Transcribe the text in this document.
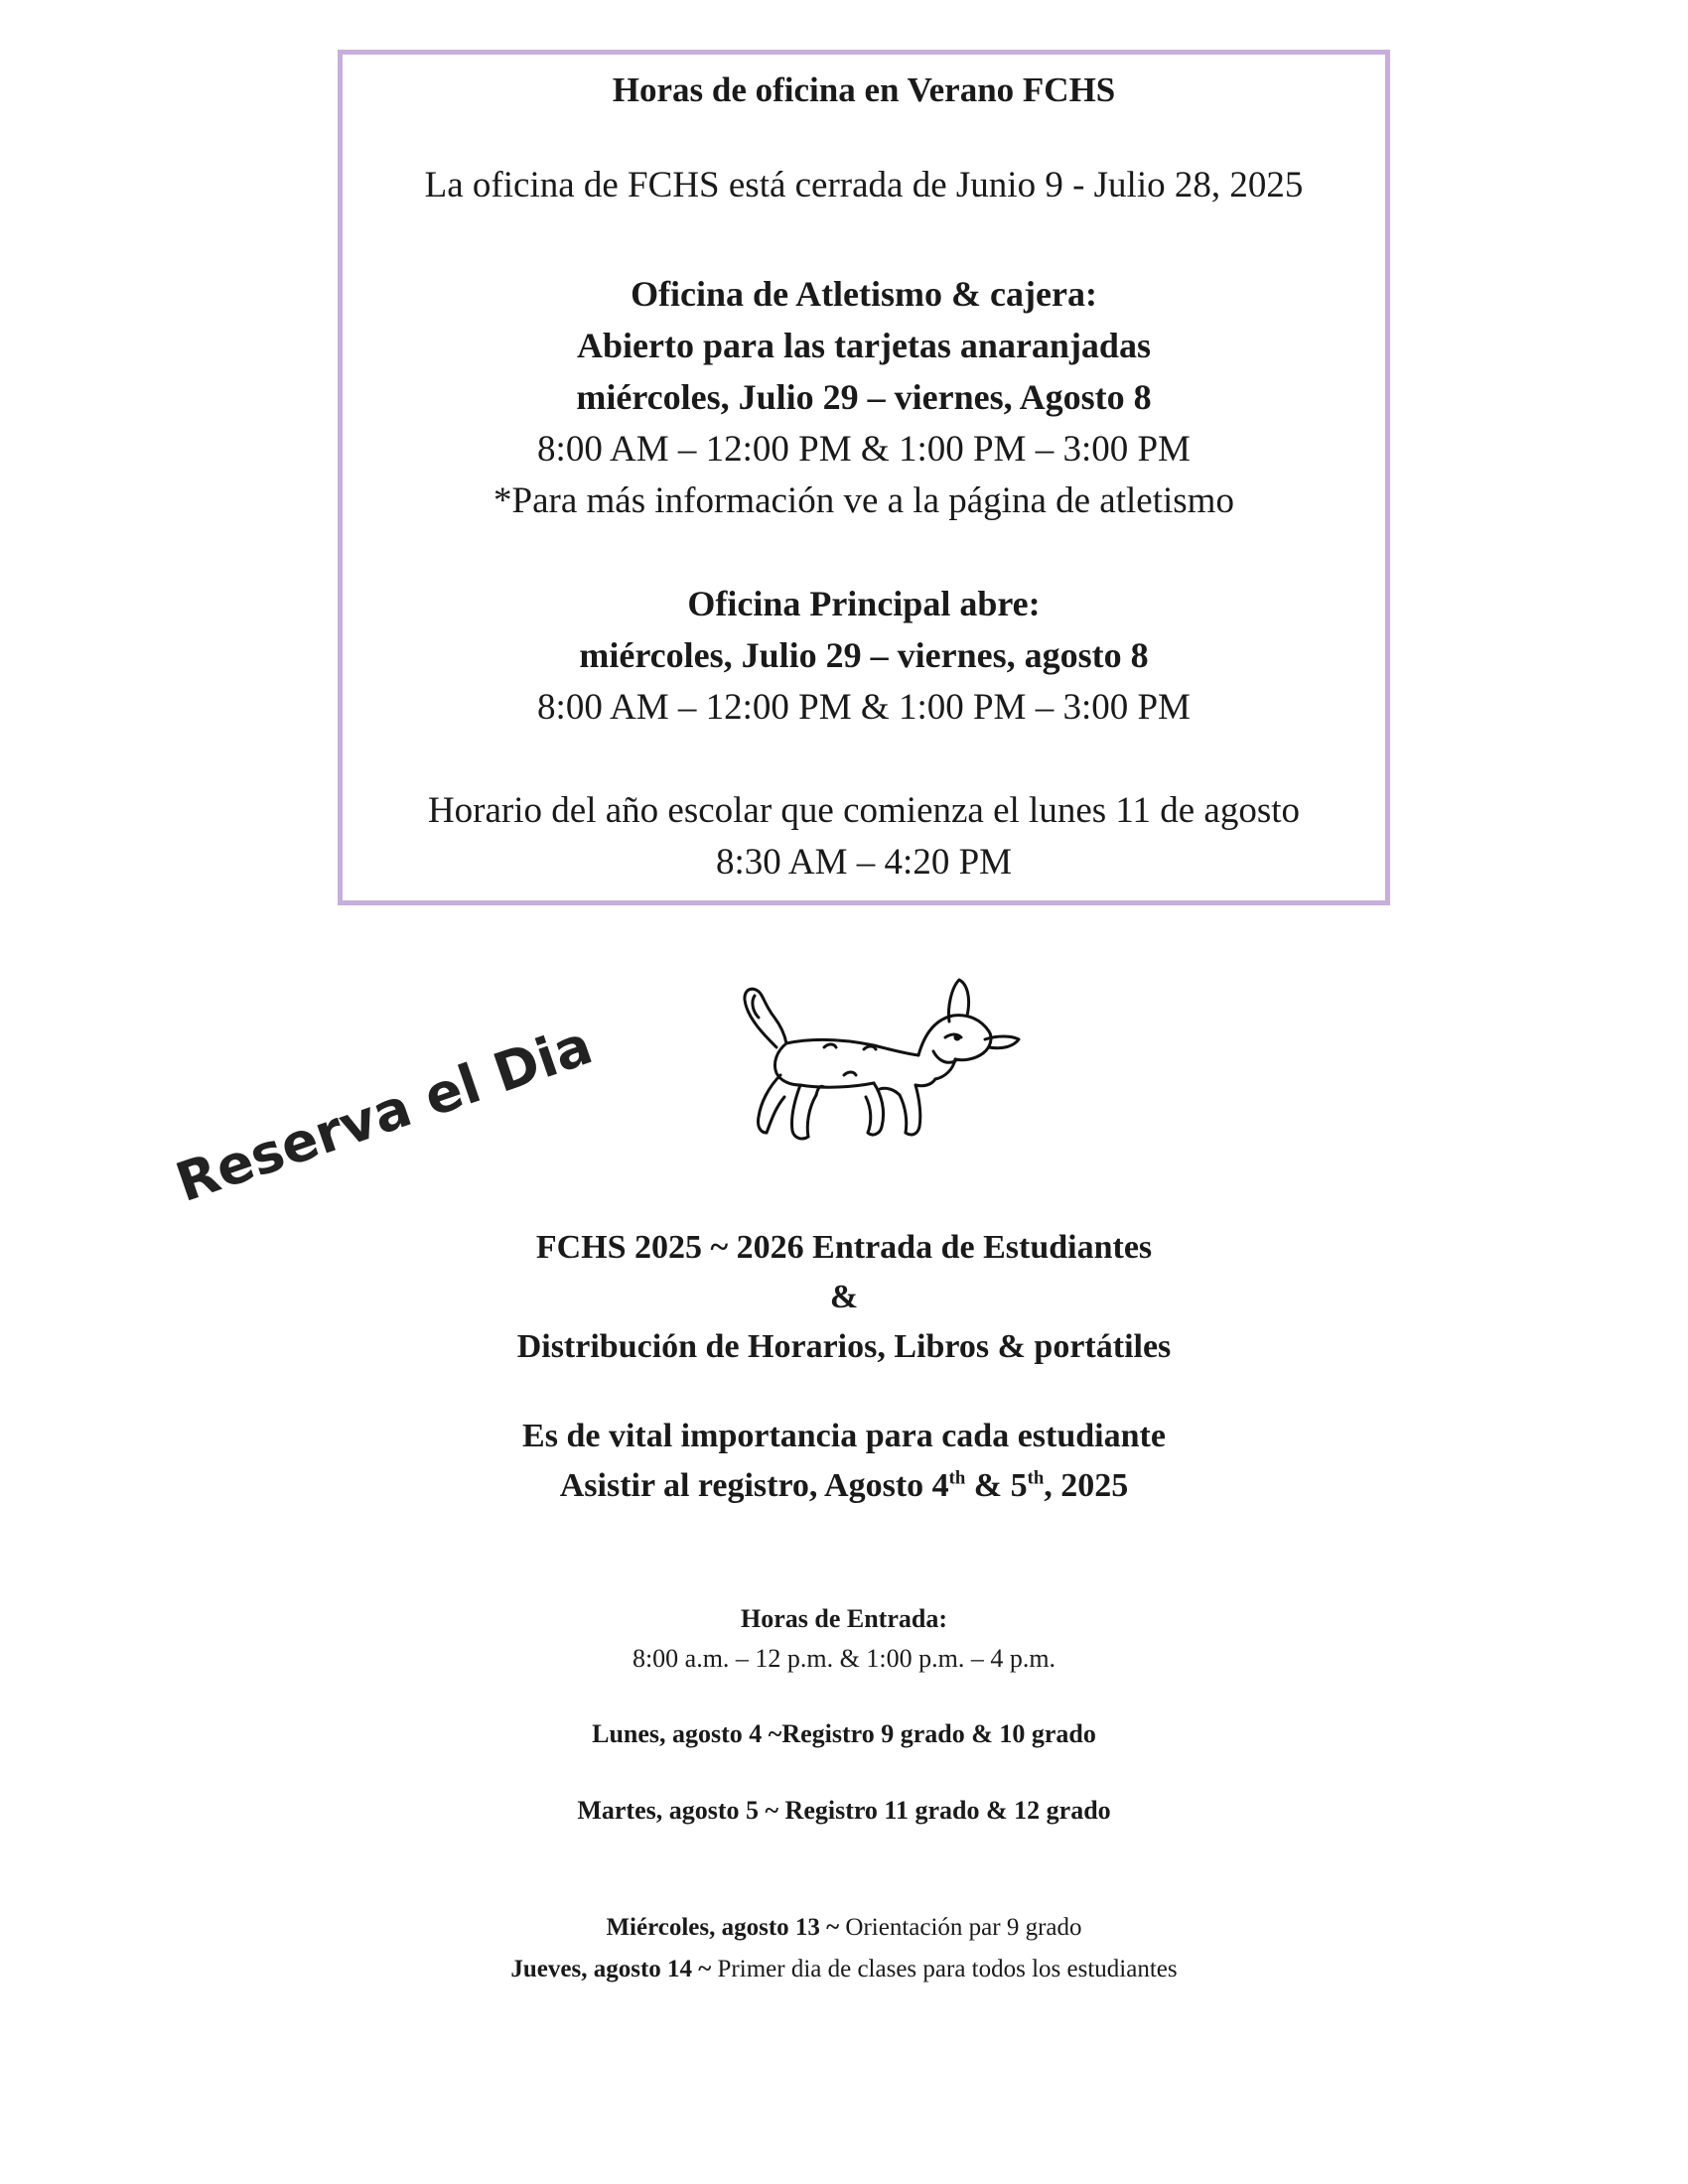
Horas de oficina en Verano FCHS
La oficina de FCHS está cerrada de Junio 9 - Julio 28, 2025
Oficina de Atletismo & cajera:
Abierto para las tarjetas anaranjadas
miércoles, Julio 29 – viernes, Agosto 8
8:00 AM – 12:00 PM & 1:00 PM – 3:00 PM
*Para más información ve a la página de atletismo
Oficina Principal abre:
miércoles, Julio 29 – viernes, agosto 8
8:00 AM – 12:00 PM & 1:00 PM – 3:00 PM
Horario del año escolar que comienza el lunes 11 de agosto
8:30 AM – 4:20 PM
Reserva el Dia
FCHS 2025 ~ 2026 Entrada de Estudiantes
&
Distribución de Horarios, Libros & portátiles
Es de vital importancia para cada estudiante
Asistir al registro, Agosto 4th & 5th, 2025
Horas de Entrada:
8:00 a.m. – 12 p.m. & 1:00 p.m. – 4 p.m.
Lunes, agosto 4 ~Registro 9 grado & 10 grado
Martes, agosto 5 ~ Registro 11 grado & 12 grado
Miércoles, agosto 13 ~ Orientación par 9 grado
Jueves, agosto 14 ~ Primer dia de clases para todos los estudiantes
